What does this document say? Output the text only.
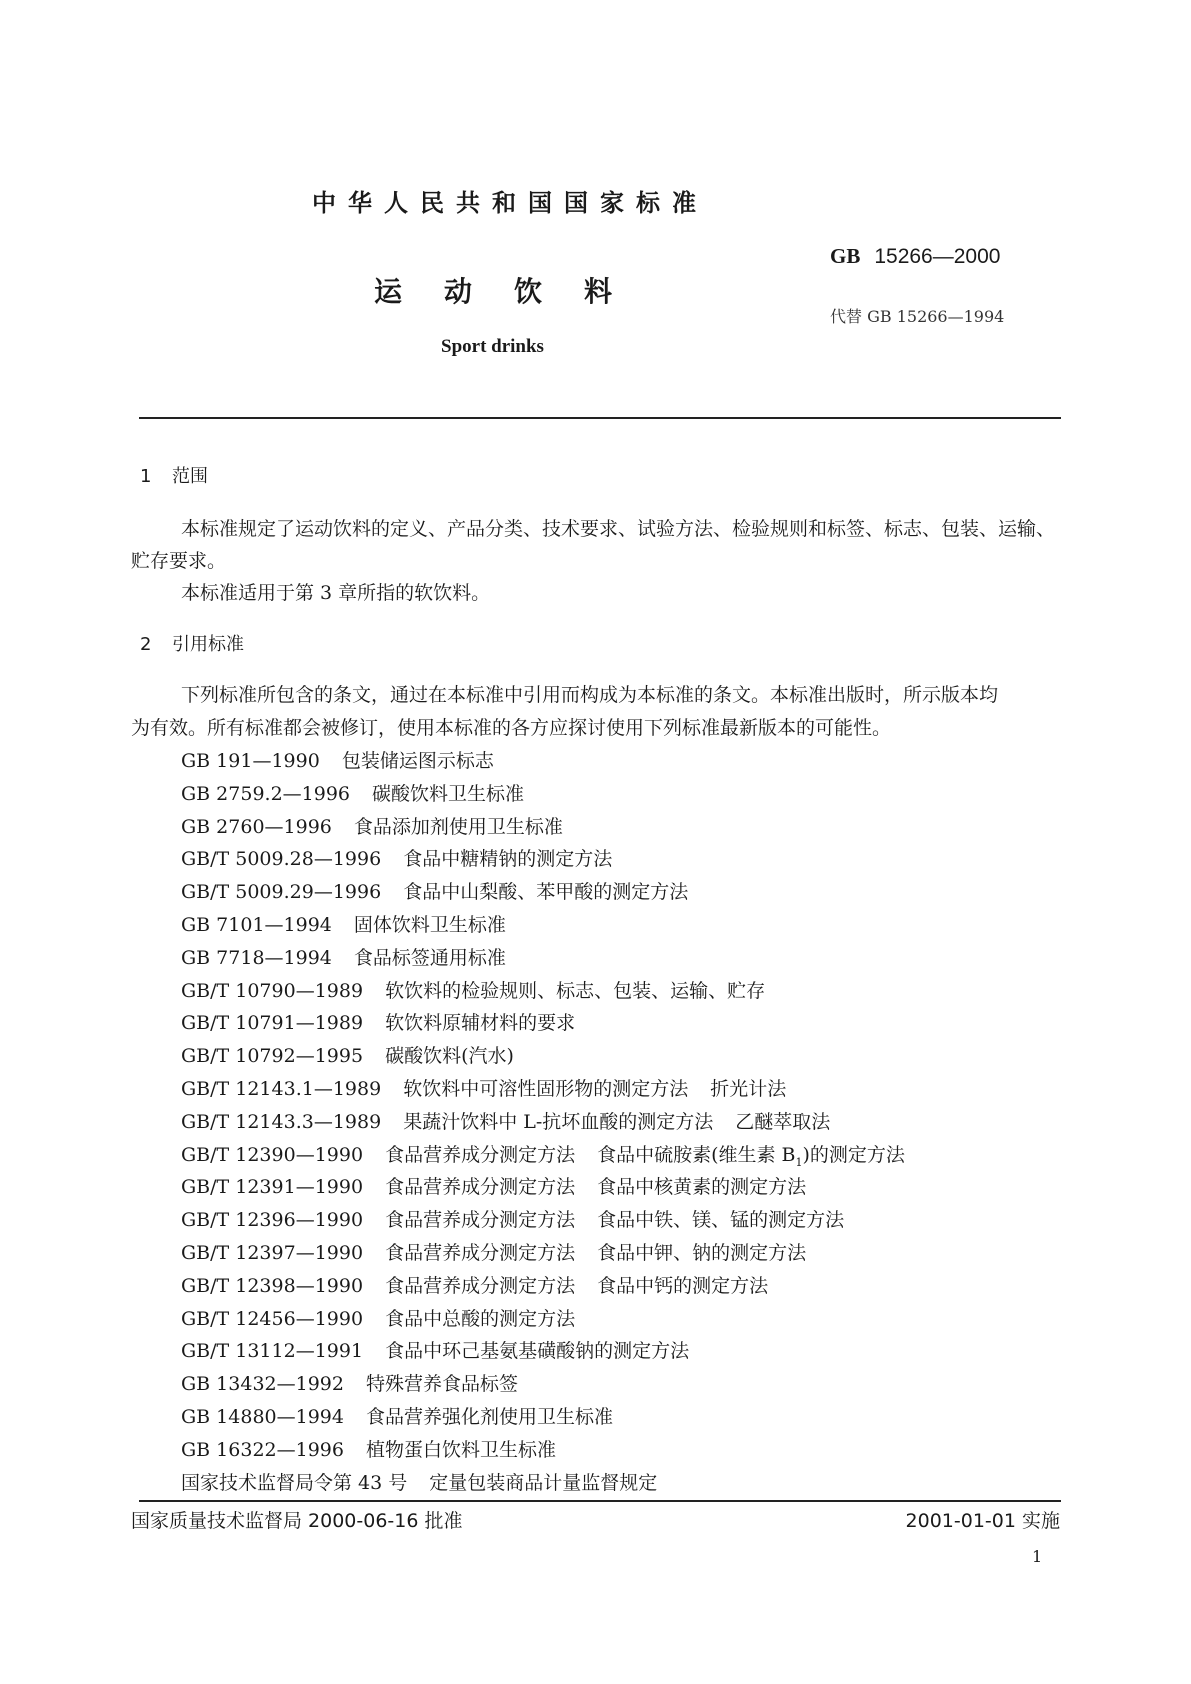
中华人民共和国国家标准
GB 15266—2000
运动饮料
代替 GB 15266—1994
Sport drinks
1 范围
本标准规定了运动饮料的定义、产品分类、技术要求、试验方法、检验规则和标签、标志、包装、运输、
贮存要求。
本标准适用于第 3 章所指的软饮料。
2 引用标准
下列标准所包含的条文，通过在本标准中引用而构成为本标准的条文。本标准出版时，所示版本均
为有效。所有标准都会被修订，使用本标准的各方应探讨使用下列标准最新版本的可能性。
GB 191—1990 包装储运图示标志
GB 2759.2—1996 碳酸饮料卫生标准
GB 2760—1996 食品添加剂使用卫生标准
GB/T 5009.28—1996 食品中糖精钠的测定方法
GB/T 5009.29—1996 食品中山梨酸、苯甲酸的测定方法
GB 7101—1994 固体饮料卫生标准
GB 7718—1994 食品标签通用标准
GB/T 10790—1989 软饮料的检验规则、标志、包装、运输、贮存
GB/T 10791—1989 软饮料原辅材料的要求
GB/T 10792—1995 碳酸饮料(汽水)
GB/T 12143.1—1989 软饮料中可溶性固形物的测定方法 折光计法
GB/T 12143.3—1989 果蔬汁饮料中 L-抗坏血酸的测定方法 乙醚萃取法
GB/T 12390—1990 食品营养成分测定方法 食品中硫胺素(维生素 $B_1$)的测定方法
GB/T 12391—1990 食品营养成分测定方法 食品中核黄素的测定方法
GB/T 12396—1990 食品营养成分测定方法 食品中铁、镁、锰的测定方法
GB/T 12397—1990 食品营养成分测定方法 食品中钾、钠的测定方法
GB/T 12398—1990 食品营养成分测定方法 食品中钙的测定方法
GB/T 12456—1990 食品中总酸的测定方法
GB/T 13112—1991 食品中环己基氨基磺酸钠的测定方法
GB 13432—1992 特殊营养食品标签
GB 14880—1994 食品营养强化剂使用卫生标准
GB 16322—1996 植物蛋白饮料卫生标准
国家技术监督局令第 43 号 定量包装商品计量监督规定
国家质量技术监督局 2000-06-16 批准	2001-01-01 实施
1
